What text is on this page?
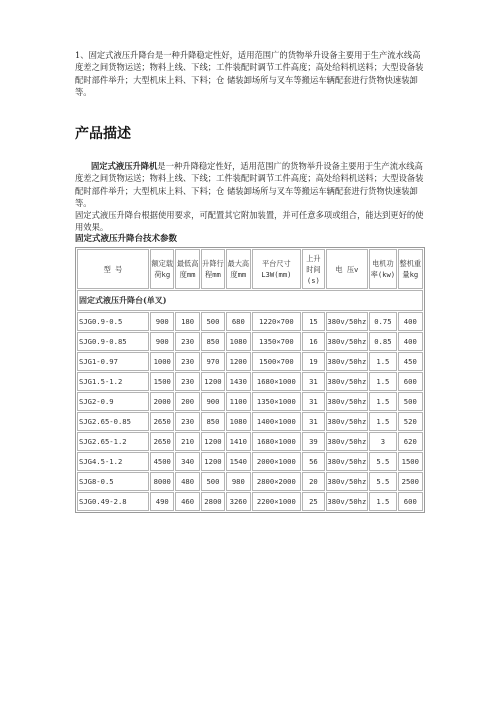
1、固定式液压升降台是一种升降稳定性好，适用范围广的货物举升设备主要用于生产流水线高度差之间货物运送；物料上线、下线；工件装配时调节工件高度；高处给料机送料；大型设备装配时部件举升；大型机床上料、下料；仓 储装卸场所与叉车等搬运车辆配套进行货物快速装卸等。

产品描述

固定式液压升降机是一种升降稳定性好，适用范围广的货物举升设备主要用于生产流水线高度差之间货物运送；物料上线、下线；工件装配时调节工件高度；高处给料机送料；大型设备装配时部件举升；大型机床上料、下料；仓 储装卸场所与叉车等搬运车辆配套进行货物快速装卸等。

固定式液压升降台根据使用要求，可配置其它附加装置，并可任意多项或组合，能达到更好的使用效果。

固定式液压升降台技术参数

型 号	额定载荷kg	最低高度mm	升降行程mm	最大高度mm	平台尺寸L3W(mm)	上升时间(s)	电 压v	电机功率(kw)	整机重量kg
固定式液压升降台(单叉)									
SJG0.9-0.5	900	180	500	680	1220×700	15	380v/50hz	0.75	400
SJG0.9-0.85	900	230	850	1080	1350×700	16	380v/50hz	0.85	400
SJG1-0.97	1000	230	970	1200	1500×700	19	380v/50hz	1.5	450
SJG1.5-1.2	1500	230	1200	1430	1680×1000	31	380v/50hz	1.5	600
SJG2-0.9	2000	200	900	1100	1350×1000	31	380v/50hz	1.5	500
SJG2.65-0.85	2650	230	850	1080	1400×1000	31	380v/50hz	1.5	520
SJG2.65-1.2	2650	210	1200	1410	1680×1000	39	380v/50hz	3	620
SJG4.5-1.2	4500	340	1200	1540	2000×1000	56	380v/50hz	5.5	1500
SJG8-0.5	8000	480	500	980	2800×2000	20	380v/50hz	5.5	2500
SJG0.49-2.8	490	460	2800	3260	2200×1000	25	380v/50hz	1.5	600
